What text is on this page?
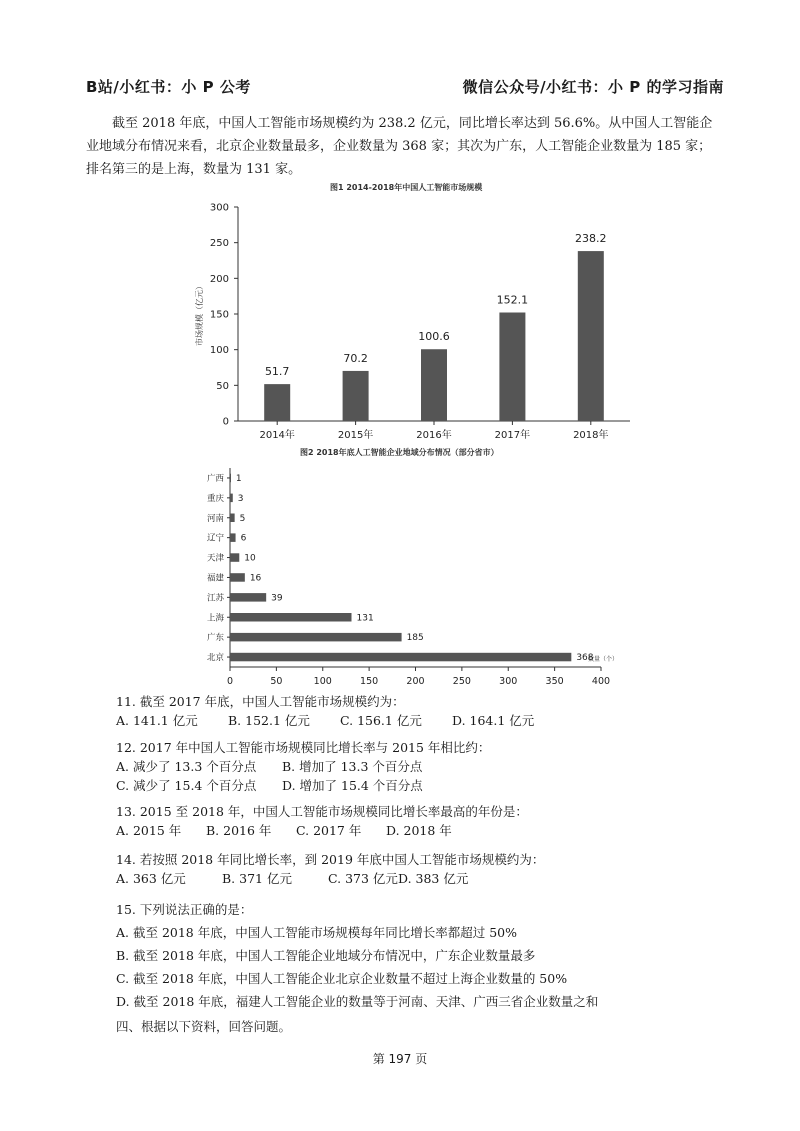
B站/小红书：小 P 公考	微信公众号/小红书：小 P 的学习指南

截至 2018 年底，中国人工智能市场规模约为 238.2 亿元，同比增长率达到 56.6%。从中国人工智能企业地域分布情况来看，北京企业数量最多，企业数量为 368 家；其次为广东，人工智能企业数量为 185 家；排名第三的是上海，数量为 131 家。

图1 2014-2018年中国人工智能市场规模
0
50
100
150
200
250
300
市场规模（亿元）
51.7
2014年
70.2
2015年
100.6
2016年
152.1
2017年
238.2
2018年
图2 2018年底人工智能企业地域分布情况（部分省市）
0	50	100	150	200	250	300	350	400
数量（个）
1
广西
3
重庆
5
河南
6
辽宁
10
天津
16
福建
39
江苏
131
上海
185
广东
368
北京
11. 截至 2017 年底，中国人工智能市场规模约为：
A. 141.1 亿元	B. 152.1 亿元	C. 156.1 亿元	D. 164.1 亿元
12. 2017 年中国人工智能市场规模同比增长率与 2015 年相比约：
A. 减少了 13.3 个百分点	B. 增加了 13.3 个百分点
C. 减少了 15.4 个百分点	D. 增加了 15.4 个百分点
13. 2015 至 2018 年，中国人工智能市场规模同比增长率最高的年份是：
A. 2015 年	B. 2016 年	C. 2017 年	D. 2018 年
14. 若按照 2018 年同比增长率，到 2019 年底中国人工智能市场规模约为：
A. 363 亿元	B. 371 亿元	C. 373 亿元 D. 383 亿元
15. 下列说法正确的是：
A. 截至 2018 年底，中国人工智能市场规模每年同比增长率都超过 50%
B. 截至 2018 年底，中国人工智能企业地域分布情况中，广东企业数量最多
C. 截至 2018 年底，中国人工智能企业北京企业数量不超过上海企业数量的 50%
D. 截至 2018 年底，福建人工智能企业的数量等于河南、天津、广西三省企业数量之和
四、根据以下资料，回答问题。
第 197 页
